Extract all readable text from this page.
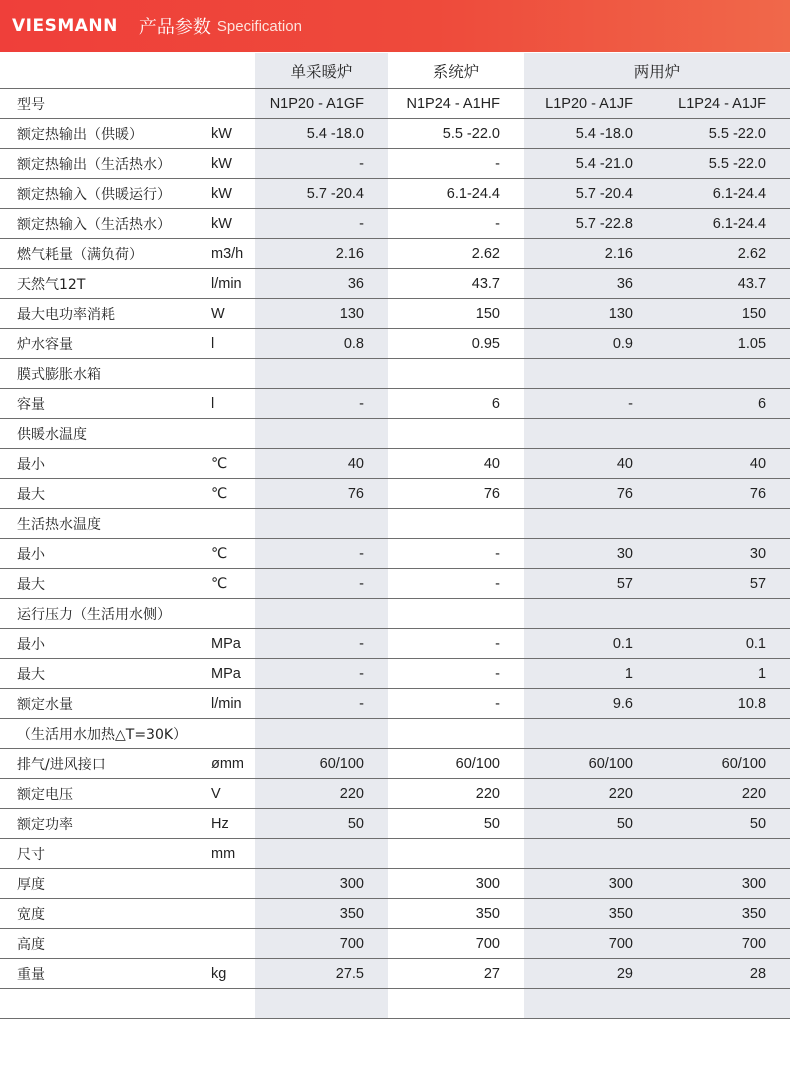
VIESMANN 产品参数 Specification
		单采暖炉	系统炉	两用炉	
型号		N1P20 - A1GF	N1P24 - A1HF	L1P20 - A1JF	L1P24 - A1JF
额定热输出（供暖）	kW	5.4 -18.0	5.5 -22.0	5.4 -18.0	5.5 -22.0
额定热输出（生活热水）	kW	-	-	5.4 -21.0	5.5 -22.0
额定热输入（供暖运行）	kW	5.7 -20.4	6.1-24.4	5.7 -20.4	6.1-24.4
额定热输入（生活热水）	kW	-	-	5.7 -22.8	6.1-24.4
燃气耗量（满负荷）	m3/h	2.16	2.62	2.16	2.62
天然气12T	l/min	36	43.7	36	43.7
最大电功率消耗	W	130	150	130	150
炉水容量	l	0.8	0.95	0.9	1.05
膜式膨胀水箱					
容量	l	-	6	-	6
供暖水温度					
最小	℃	40	40	40	40
最大	℃	76	76	76	76
生活热水温度					
最小	℃	-	-	30	30
最大	℃	-	-	57	57
运行压力（生活用水侧）					
最小	MPa	-	-	0.1	0.1
最大	MPa	-	-	1	1
额定水量	l/min	-	-	9.6	10.8
（生活用水加热△T=30K）					
排气/进风接口	ømm	60/100	60/100	60/100	60/100
额定电压	V	220	220	220	220
额定功率	Hz	50	50	50	50
尺寸	mm				
厚度		300	300	300	300
宽度		350	350	350	350
高度		700	700	700	700
重量	kg	27.5	27	29	28
